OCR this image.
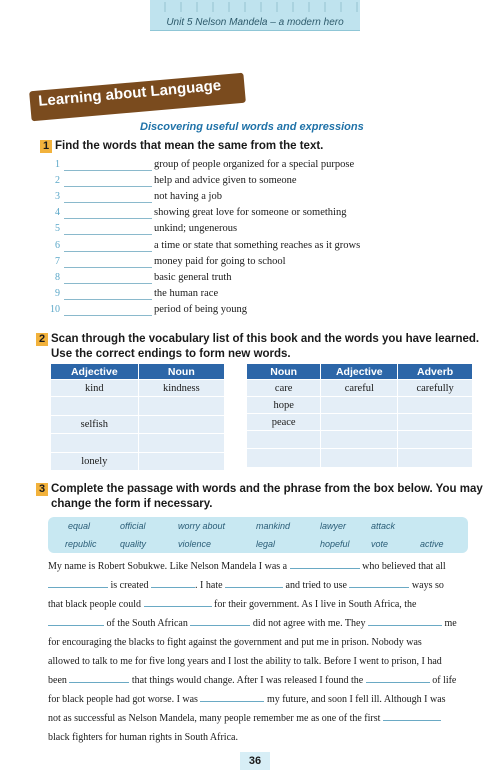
Unit 5 Nelson Mandela – a modern hero
Learning about Language
Discovering useful words and expressions
1 Find the words that mean the same from the text.
1	group of people organized for a special purpose
2	help and advice given to someone
3	not having a job
4	showing great love for someone or something
5	unkind; ungenerous
6	a time or state that something reaches as it grows
7	money paid for going to school
8	basic general truth
9	the human race
10	period of being young
2 Scan through the vocabulary list of this book and the words you have learned.
Use the correct endings to form new words.
Adjective	Noun
kind	kindness

selfish	

lonely	
Noun	Adjective	Adverb
care	careful	carefully
hope		
peace		

3 Complete the passage with words and the phrase from the box below. You may
change the form if necessary.
equal	official	worry about	mankind	lawyer	attack
republic	quality	violence	legal	hopeful vote	active
My name is Robert Sobukwe. Like Nelson Mandela I was a	who believed that all
is created	. I hate	and tried to use	ways so
that black people could	for their government. As I live in South Africa, the
of the South African	did not agree with me. They	me
for encouraging the blacks to fight against the government and put me in prison. Nobody was
allowed to talk to me for five long years and I lost the ability to talk. Before I went to prison, I had
been	that things would change. After I was released I found the	of life
for black people had got worse. I was	my future, and soon I fell ill. Although I was
not as successful as Nelson Mandela, many people remember me as one of the first
black fighters for human rights in South Africa.
36
